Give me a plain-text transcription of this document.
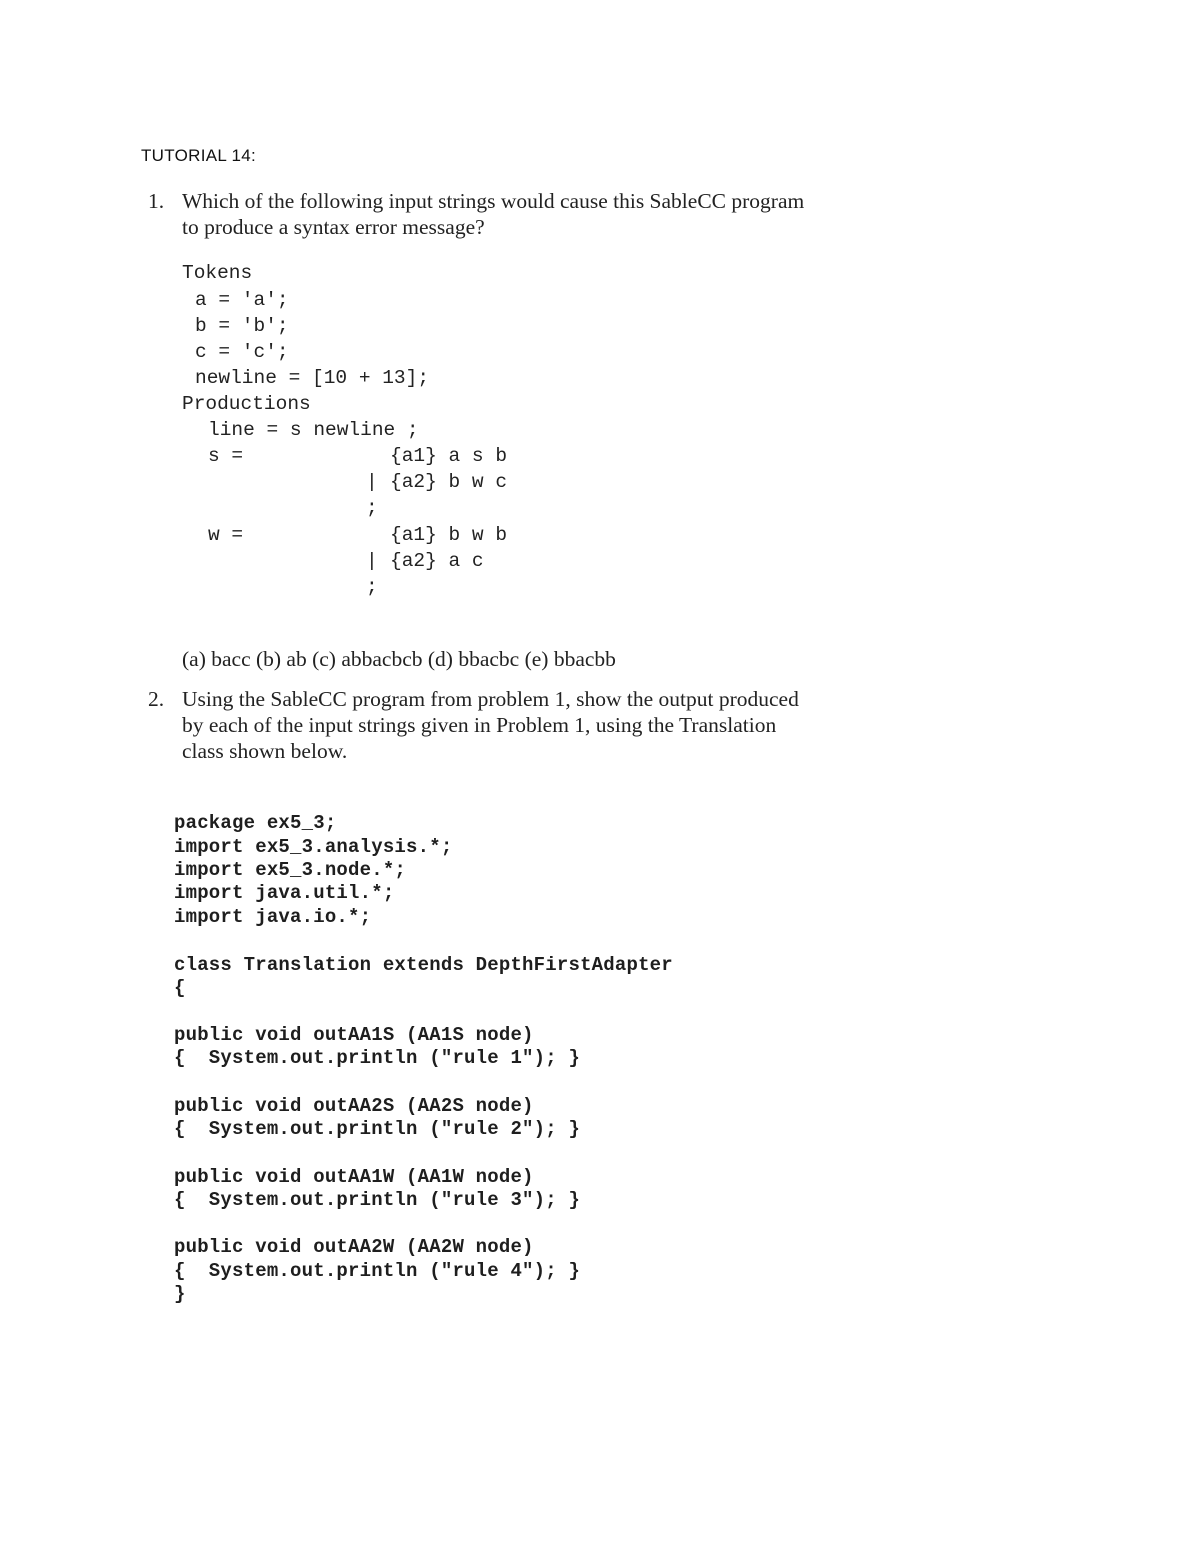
TUTORIAL 14:
1. Which of the following input strings would cause this SableCC program
to produce a syntax error message?
Tokens
a = 'a';
b = 'b';
c = 'c';
newline = [10 + 13];
Productions
line = s newline ;
s =	{a1} a s b
| {a2} b w c
;
w =	{a1} b w b
| {a2} a c
;
(a) bacc (b) ab (c) abbacbcb (d) bbacbc (e) bbacbb
2. Using the SableCC program from problem 1, show the output produced
by each of the input strings given in Problem 1, using the Translation
class shown below.
package ex5_3;
import ex5_3.analysis.*;
import ex5_3.node.*;
import java.util.*;
import java.io.*;
class Translation extends DepthFirstAdapter
{
public void outAA1S (AA1S node)
{  System.out.println ("rule 1"); }
public void outAA2S (AA2S node)
{  System.out.println ("rule 2"); }
public void outAA1W (AA1W node)
{  System.out.println ("rule 3"); }
public void outAA2W (AA2W node)
{  System.out.println ("rule 4"); }
}
